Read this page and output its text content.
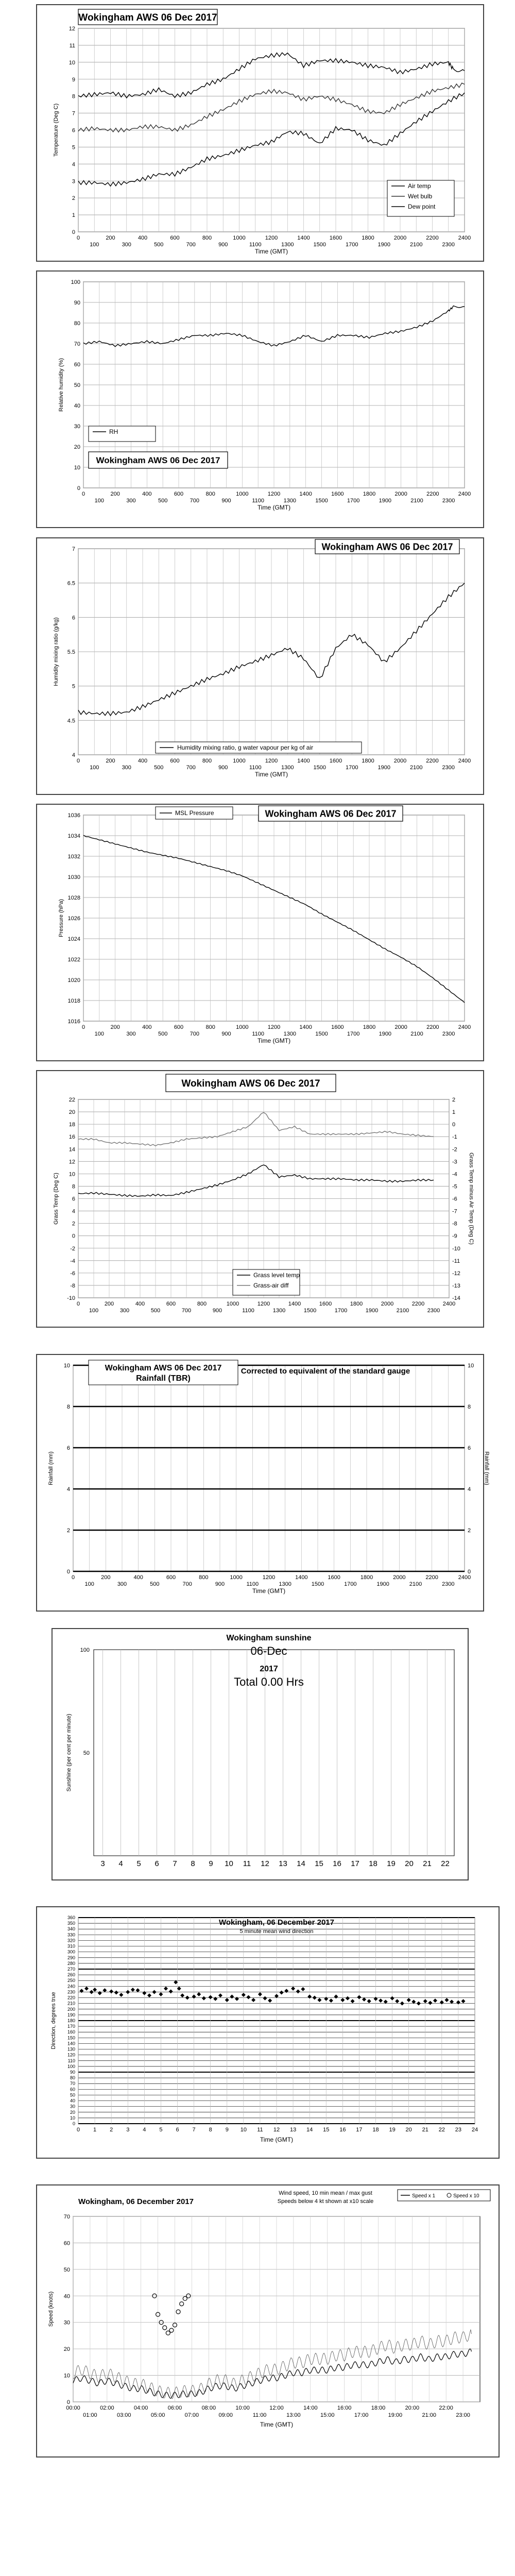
0
1
2
3
4
5
6
7
8
9
10
11
12
0
100
200
300
400
500
600
700
800
900
1000
1100
1200
1300
1400
1500
1600
1700
1800
1900
2000
2100
2200
2300
2400
Time (GMT)
Temperature (Deg C)
Wokingham AWS 06 Dec 2017
Air temp
Wet bulb
Dew point
0
10
20
30
40
50
60
70
80
90
100
0
100
200
300
400
500
600
700
800
900
1000
1100
1200
1300
1400
1500
1600
1700
1800
1900
2000
2100
2200
2300
2400
Time (GMT)
Relative humidity (%)
RH
Wokingham AWS 06 Dec 2017
4
4.5
5
5.5
6
6.5
7
0
100
200
300
400
500
600
700
800
900
1000
1100
1200
1300
1400
1500
1600
1700
1800
1900
2000
2100
2200
2300
2400
Time (GMT)
Humidity mixing ratio (g/kg)
Wokingham AWS 06 Dec 2017
Humidity mixing ratio, g water vapour per kg of air
1016
1018
1020
1022
1024
1026
1028
1030
1032
1034
1036
0
100
200
300
400
500
600
700
800
900
1000
1100
1200
1300
1400
1500
1600
1700
1800
1900
2000
2100
2200
2300
2400
Time (GMT)
Pressure (hPa)
MSL Pressure	Wokingham AWS 06 Dec 2017
-10
-8
-6
-4
-2
0
2
4
6
8
10
12
14
16
18
20
22
0
100
200
300
400
500
600
700
800
900
1000
1100
1200
1300
1400
1500
1600
1700
1800
1900
2000
2100
2200
2300
2400
Grass Temp (Deg C)
-14
-13
-12
-11
-10
-9
-8
-7
-6
-5
-4
-3
-2
-1
0
1
2
Grass Temp minus Air Temp (Deg C)
Wokingham AWS 06 Dec 2017
Grass level temp
Grass-air diff
0
2
4
6
8
10
0
100
200
300
400
500
600
700
800
900
1000
1100
1200
1300
1400
1500
1600
1700
1800
1900
2000
2100
2200
2300
2400
Time (GMT)
Rainfall (mm)
0
2
4
6
8
10
Rainfall (mm)
Wokingham AWS 06 Dec 2017
Rainfall (TBR)
Corrected to equivalent of the standard gauge
3 4 5 6 7 8 9 10 11 12 13 14 15 16 17 18 19 20 21 22
50
100
Sunshine (per cent per minute)
Wokingham sunshine
06-Dec
2017
Total 0.00 Hrs
0
10
20
30
40
50
60
70
80
90
100
110
120
130
140
150
160
170
180
190
200
210
220
230
240
250
260
270
280
290
300
310
320
330
340
350
360
0 1 2 3 4 5 6 7 8 9 10 11 12 13 14 15 16 17 18 19 20 21 22 23 24
Time (GMT)
Direction, degrees true
Wokingham, 06 December 2017
5 minute mean wind direction
0
10
20
30
40
50
60
70
00:00	02:00	04:00	06:00	08:00	10:00	12:00	14:00	16:00	18:00	20:00	22:00
01:00	03:00	05:00	07:00	09:00	11:00	13:00	15:00	17:00	19:00	21:00	23:00
Time (GMT)
Speed (knots)
Wokingham, 06 December 2017
Wind speed, 10 min mean / max gust
Speeds below 4 kt shown at x10 scale
Speed x 1	Speed x 10
